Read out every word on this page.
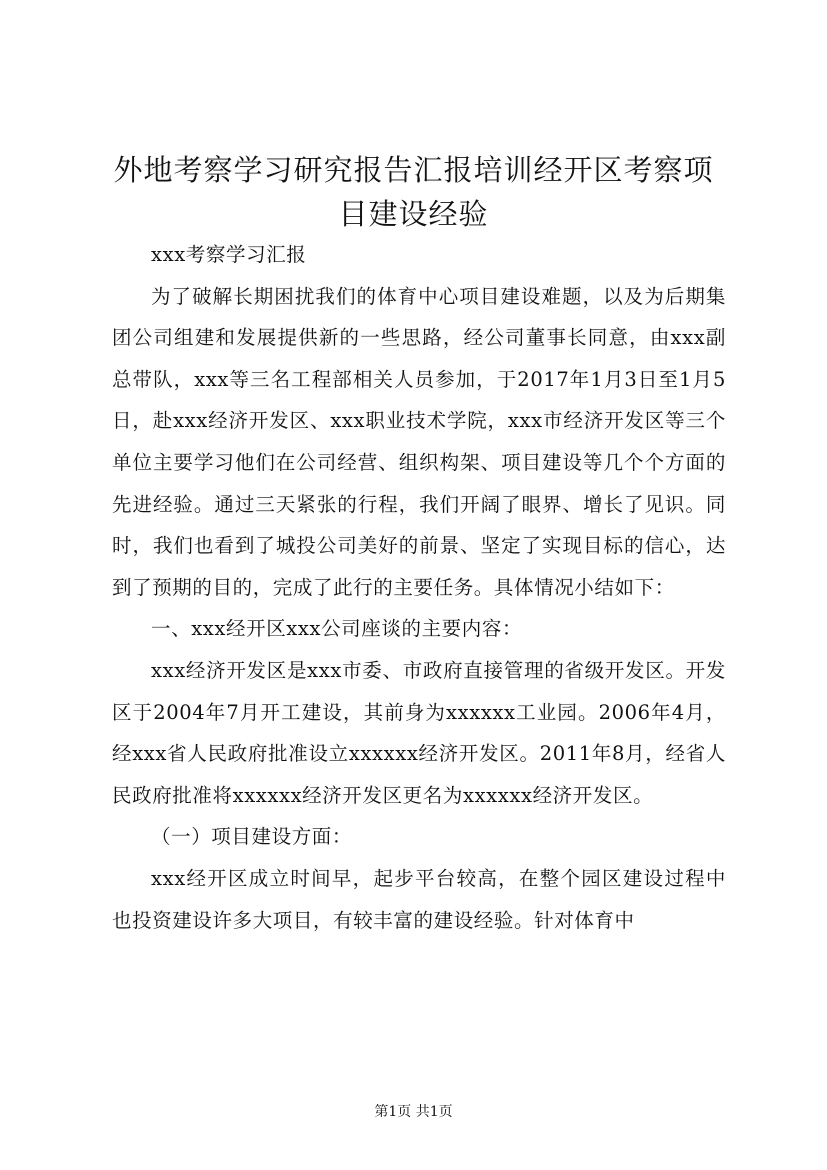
外地考察学习研究报告汇报培训经开区考察项
目建设经验

xxx考察学习汇报

为了破解长期困扰我们的体育中心项目建设难题，以及为后期集团公司组建和发展提供新的一些思路，经公司董事长同意，由xxx副总带队，xxx等三名工程部相关人员参加，于2017年1月3日至1月5日，赴xxx经济开发区、xxx职业技术学院，xxx市经济开发区等三个单位主要学习他们在公司经营、组织构架、项目建设等几个个方面的先进经验。通过三天紧张的行程，我们开阔了眼界、增长了见识。同时，我们也看到了城投公司美好的前景、坚定了实现目标的信心，达到了预期的目的，完成了此行的主要任务。具体情况小结如下：

一、xxx经开区xxx公司座谈的主要内容：

xxx经济开发区是xxx市委、市政府直接管理的省级开发区。开发区于2004年7月开工建设，其前身为xxxxxx工业园。2006年4月，经xxx省人民政府批准设立xxxxxx经济开发区。2011年8月，经省人民政府批准将xxxxxx经济开发区更名为xxxxxx经济开发区。

（一）项目建设方面：

xxx经开区成立时间早，起步平台较高，在整个园区建设过程中也投资建设许多大项目，有较丰富的建设经验。针对体育中

第1页 共1页
